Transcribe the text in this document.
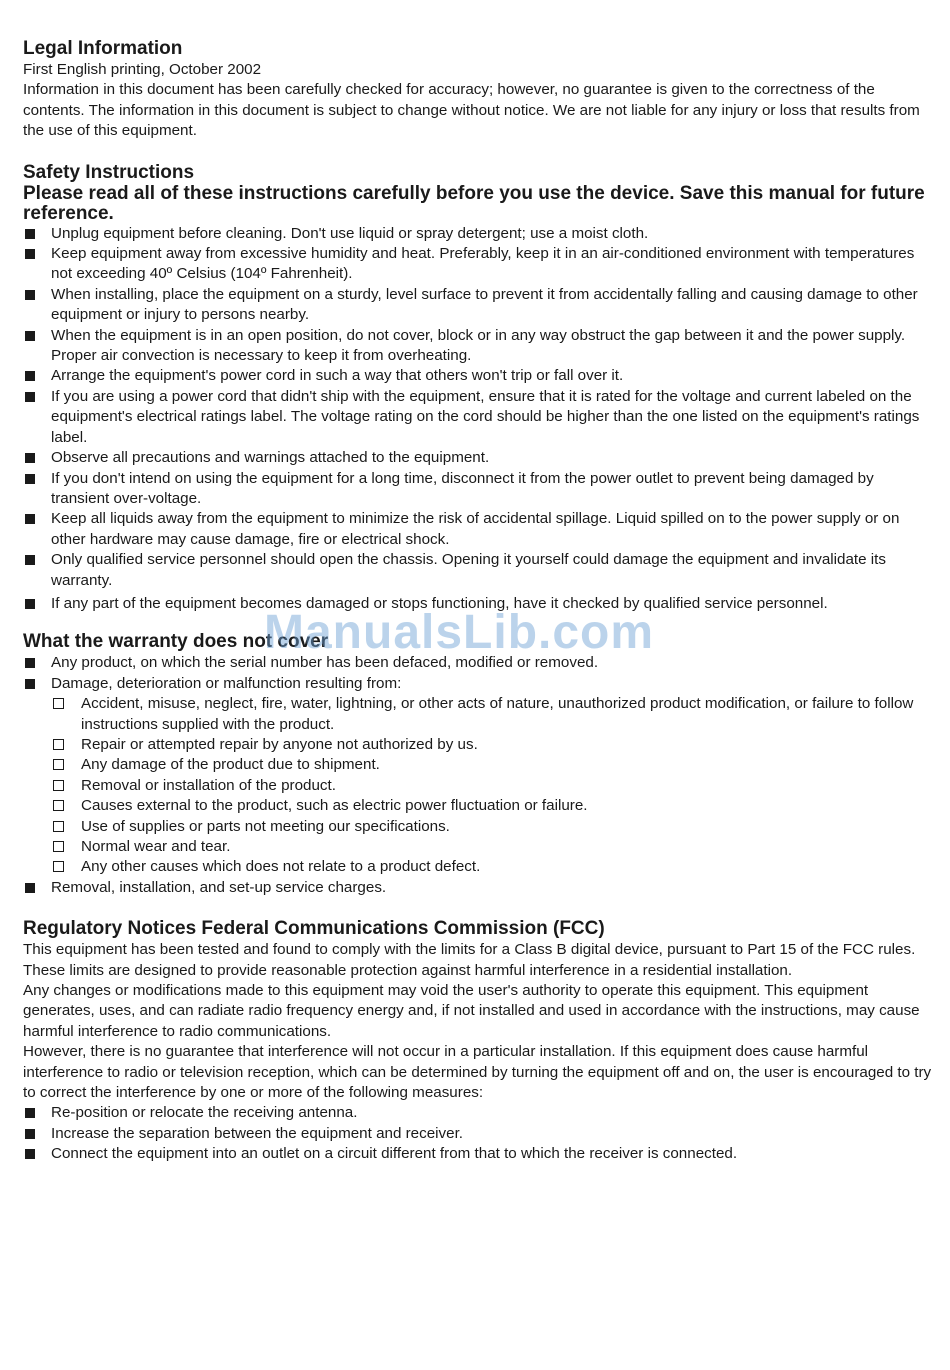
Legal Information

First English printing, October 2002

Information in this document has been carefully checked for accuracy; however, no guarantee is given to the correctness of the contents. The information in this document is subject to change without notice. We are not liable for any injury or loss that results from the use of this equipment.

Safety Instructions

Please read all of these instructions carefully before you use the device. Save this manual for future reference.

Unplug equipment before cleaning. Don't use liquid or spray detergent; use a moist cloth.
Keep equipment away from excessive humidity and heat. Preferably, keep it in an air-conditioned environment with temperatures not exceeding 40º Celsius (104º Fahrenheit).
When installing, place the equipment on a sturdy, level surface to prevent it from accidentally falling and causing damage to other equipment or injury to persons nearby.
When the equipment is in an open position, do not cover, block or in any way obstruct the gap between it and the power supply. Proper air convection is necessary to keep it from overheating.
Arrange the equipment's power cord in such a way that others won't trip or fall over it.
If you are using a power cord that didn't ship with the equipment, ensure that it is rated for the voltage and current labeled on the equipment's electrical ratings label. The voltage rating on the cord should be higher than the one listed on the equipment's ratings label.
Observe all precautions and warnings attached to the equipment.
If you don't intend on using the equipment for a long time, disconnect it from the power outlet to prevent being damaged by transient over-voltage.
Keep all liquids away from the equipment to minimize the risk of accidental spillage. Liquid spilled on to the power supply or on other hardware may cause damage, fire or electrical shock.
Only qualified service personnel should open the chassis. Opening it yourself could damage the equipment and invalidate its warranty.
If any part of the equipment becomes damaged or stops functioning, have it checked by qualified service personnel.
What the warranty does not cover
Any product, on which the serial number has been defaced, modified or removed.
Damage, deterioration or malfunction resulting from:
Accident, misuse, neglect, fire, water, lightning, or other acts of nature, unauthorized product modification, or failure to follow instructions supplied with the product.
Repair or attempted repair by anyone not authorized by us.
Any damage of the product due to shipment.
Removal or installation of the product.
Causes external to the product, such as electric power fluctuation or failure.
Use of supplies or parts not meeting our specifications.
Normal wear and tear.
Any other causes which does not relate to a product defect.
Removal, installation, and set-up service charges.
Regulatory Notices Federal Communications Commission (FCC)

This equipment has been tested and found to comply with the limits for a Class B digital device, pursuant to Part 15 of the FCC rules. These limits are designed to provide reasonable protection against harmful interference in a residential installation.

Any changes or modifications made to this equipment may void the user's authority to operate this equipment. This equipment generates, uses, and can radiate radio frequency energy and, if not installed and used in accordance with the instructions, may cause harmful interference to radio communications.

However, there is no guarantee that interference will not occur in a particular installation. If this equipment does cause harmful interference to radio or television reception, which can be determined by turning the equipment off and on, the user is encouraged to try to correct the interference by one or more of the following measures:

Re-position or relocate the receiving antenna.
Increase the separation between the equipment and receiver.
Connect the equipment into an outlet on a circuit different from that to which the receiver is connected.
ManualsLib.com
